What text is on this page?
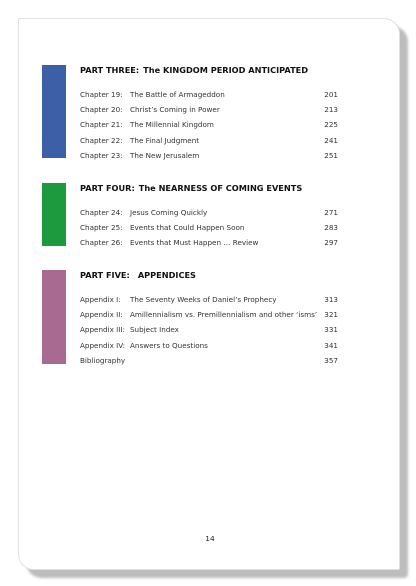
PART THREE: The KINGDOM PERIOD ANTICIPATED
Chapter 19: The Battle of Armageddon	201
Chapter 20: Christ’s Coming in Power	213
Chapter 21: The Millennial Kingdom	225
Chapter 22: The Final Judgment	241
Chapter 23: The New Jerusalem	251
PART FOUR: The NEARNESS OF COMING EVENTS
Chapter 24: Jesus Coming Quickly	271
Chapter 25: Events that Could Happen Soon	283
Chapter 26: Events that Must Happen … Review	297
PART FIVE: APPENDICES
Appendix I: The Seventy Weeks of Daniel’s Prophecy	313
Appendix II: Amillennialism vs. Premillennialism and other ‘isms’ 321
Appendix III: Subject Index	331
Appendix IV: Answers to Questions	341
Bibliography	357
14
